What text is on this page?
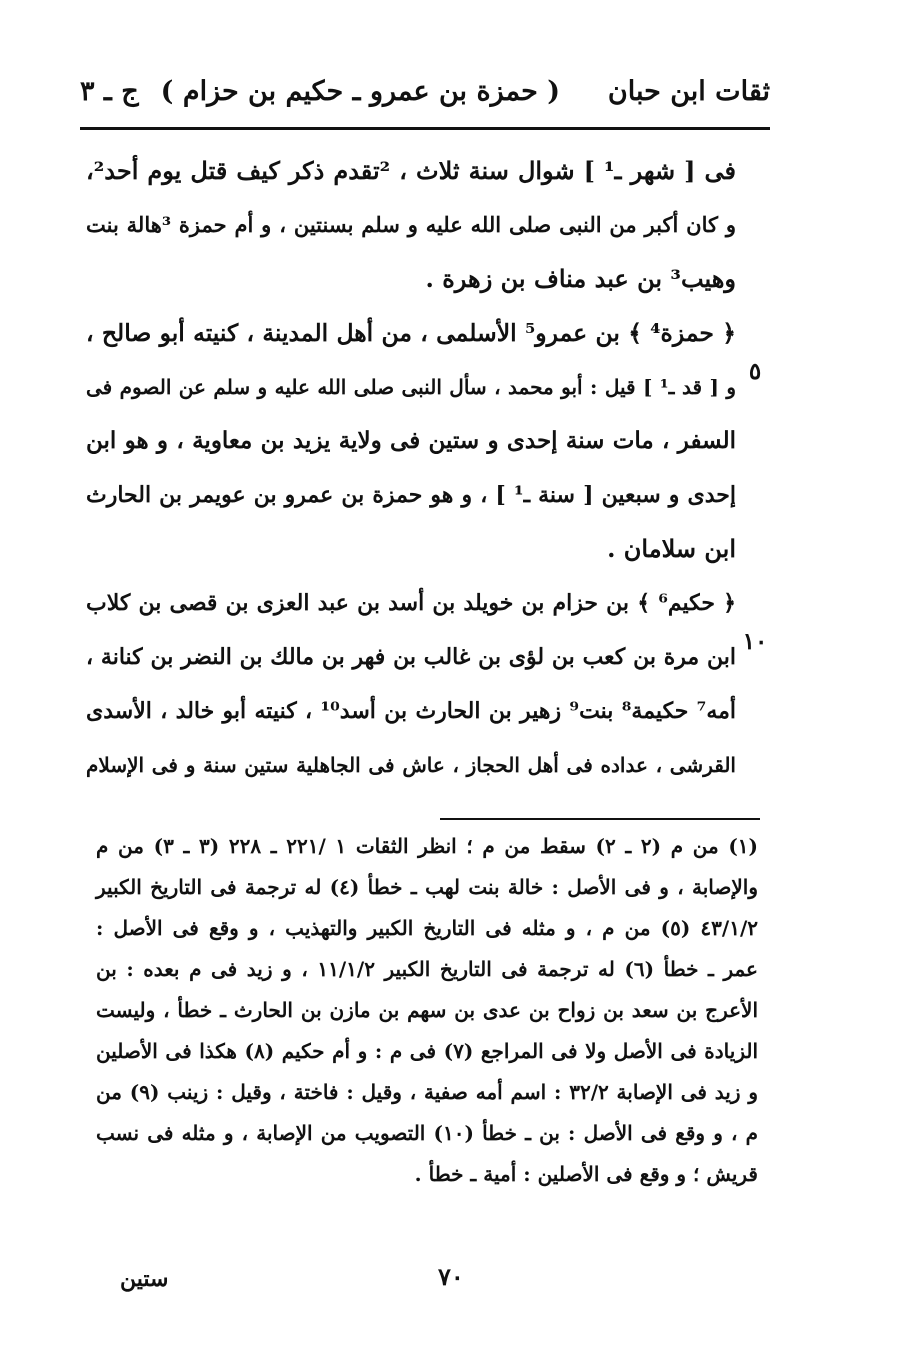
ثقات ابن حبان
( حمزة بن عمرو ـ حكيم بن حزام )
ج ـ ٣
فى [ شهر ـ¹ ] شوال سنة ثلاث ، ²تقدم ذكر كيف قتل يوم أحد²،
و كان أكبر من النبى صلى الله عليه و سلم بسنتين ، و أم حمزة ³هالة بنت
وهيب³ بن عبد مناف بن زهرة .
﴿ حمزة⁴ ﴾ بن عمرو⁵ الأسلمى ، من أهل المدينة ، كنيته أبو صالح ،
و [ قد ـ¹ ] قيل : أبو محمد ، سأل النبى صلى الله عليه و سلم عن الصوم فى
السفر ، مات سنة إحدى و ستين فى ولاية يزيد بن معاوية ، و هو ابن
إحدى و سبعين [ سنة ـ¹ ] ، و هو حمزة بن عمرو بن عويمر بن الحارث
ابن سلامان .
﴿ حكيم⁶ ﴾ بن حزام بن خويلد بن أسد بن عبد العزى بن قصى بن كلاب
ابن مرة بن كعب بن لؤى بن غالب بن فهر بن مالك بن النضر بن كنانة ،
أمه⁷ حكيمة⁸ بنت⁹ زهير بن الحارث بن أسد¹⁰ ، كنيته أبو خالد ، الأسدى
القرشى ، عداده فى أهل الحجاز ، عاش فى الجاهلية ستين سنة و فى الإسلام
٥
١٠
(١) من م (٢ ـ ٢) سقط من م ؛ انظر الثقات ١ /٢٢١ ـ ٢٢٨ (٣ ـ ٣) من م
والإصابة ، و فى الأصل : خالة بنت لهب ـ خطأ (٤) له ترجمة فى التاريخ الكبير
٤٣/١/٢ (٥) من م ، و مثله فى التاريخ الكبير والتهذيب ، و وقع فى الأصل :
عمر ـ خطأ (٦) له ترجمة فى التاريخ الكبير ١١/١/٢ ، و زيد فى م بعده : بن
الأعرج بن سعد بن زواح بن عدى بن سهم بن مازن بن الحارث ـ خطأ ، وليست
الزيادة فى الأصل ولا فى المراجع (٧) فى م : و أم حكيم (٨) هكذا فى الأصلين
و زيد فى الإصابة ٣٢/٢ : اسم أمه صفية ، وقيل : فاختة ، وقيل : زينب (٩) من
م ، و وقع فى الأصل : بن ـ خطأ (١٠) التصويب من الإصابة ، و مثله فى نسب
قريش ؛ و وقع فى الأصلين : أمية ـ خطأ .
٧٠
ستين
